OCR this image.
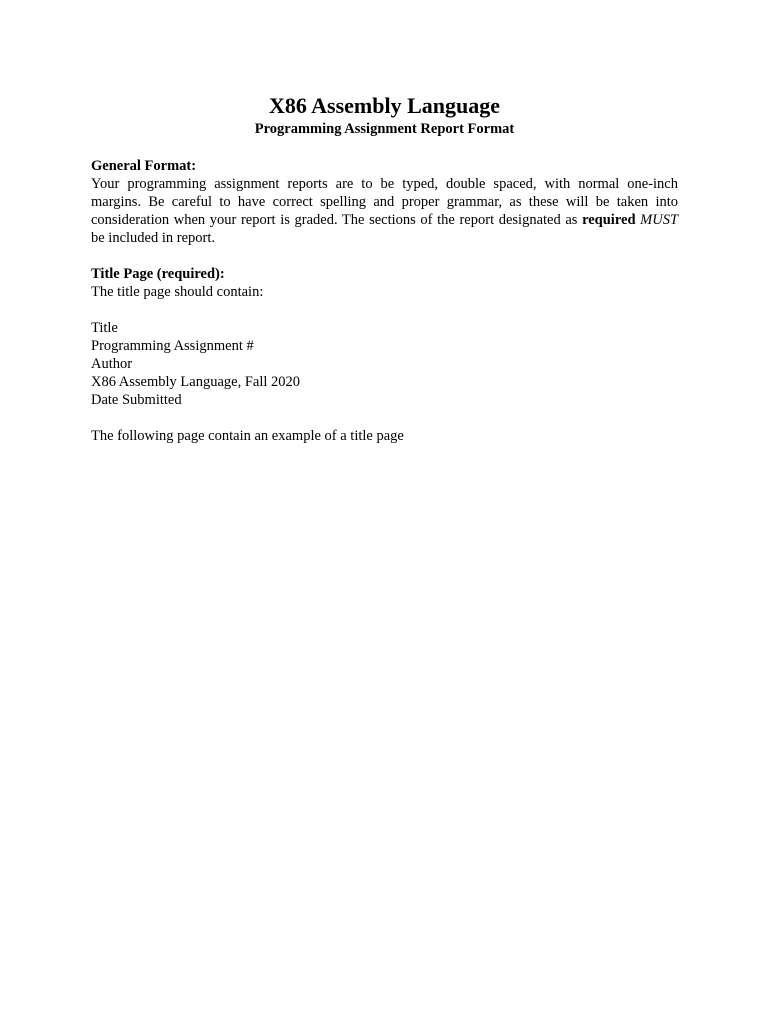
X86 Assembly Language
Programming Assignment Report Format
General Format:

Your programming assignment reports are to be typed, double spaced, with normal one-inch margins. Be careful to have correct spelling and proper grammar, as these will be taken into consideration when your report is graded. The sections of the report designated as required MUST be included in report.

Title Page (required):
The title page should contain:
Title
Programming Assignment #
Author
X86 Assembly Language, Fall 2020
Date Submitted
The following page contain an example of a title page
